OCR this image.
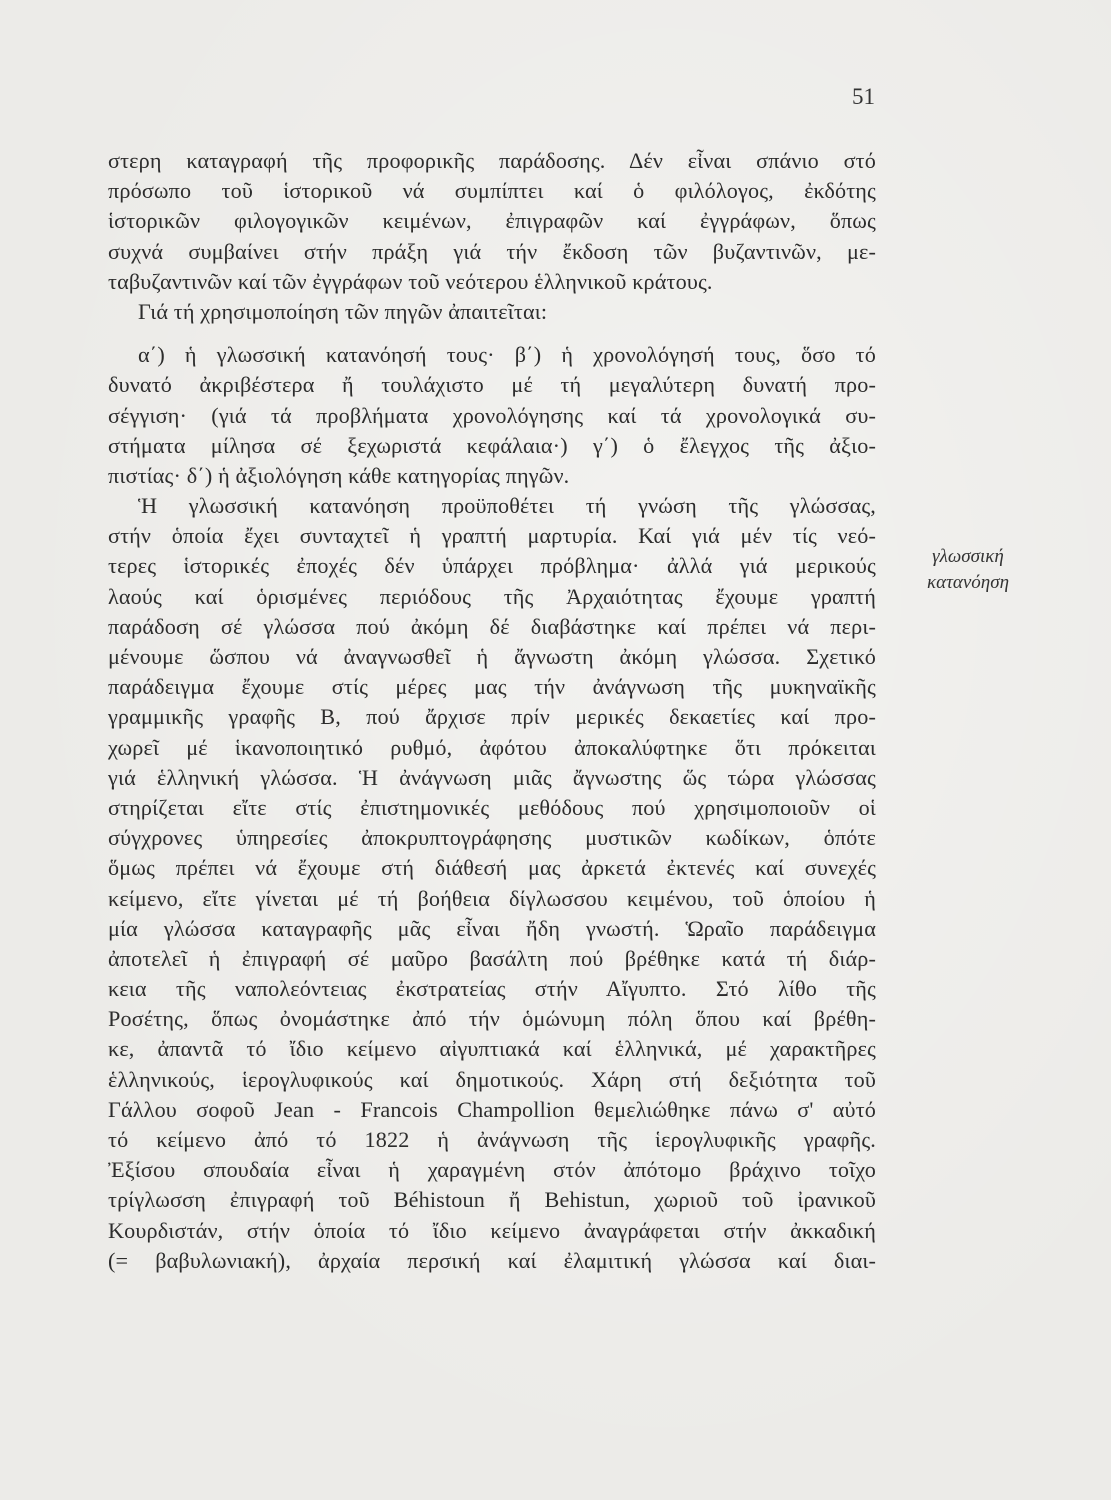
51
στερη καταγραφή τῆς προφορικῆς παράδοσης. Δέν εἶναι σπάνιο στό
πρόσωπο τοῦ ἱστορικοῦ νά συμπίπτει καί ὁ φιλόλογος, ἐκδότης
ἱστορικῶν φιλογογικῶν κειμένων, ἐπιγραφῶν καί ἐγγράφων, ὅπως
συχνά συμβαίνει στήν πράξη γιά τήν ἔκδοση τῶν βυζαντινῶν, με-
ταβυζαντινῶν καί τῶν ἐγγράφων τοῦ νεότερου ἑλληνικοῦ κράτους.
Γιά τή χρησιμοποίηση τῶν πηγῶν ἀπαιτεῖται:
α΄) ἡ γλωσσική κατανόησή τους· β΄) ἡ χρονολόγησή τους, ὅσο τό
δυνατό ἀκριβέστερα ἤ τουλάχιστο μέ τή μεγαλύτερη δυνατή προ-
σέγγιση· (γιά τά προβλήματα χρονολόγησης καί τά χρονολογικά συ-
στήματα μίλησα σέ ξεχωριστά κεφάλαια·) γ΄) ὁ ἔλεγχος τῆς ἀξιο-
πιστίας· δ΄) ἡ ἀξιολόγηση κάθε κατηγορίας πηγῶν.
Ἡ γλωσσική κατανόηση προϋποθέτει τή γνώση τῆς γλώσσας,
στήν ὁποία ἔχει συνταχτεῖ ἡ γραπτή μαρτυρία. Καί γιά μέν τίς νεό-
τερες ἱστορικές ἐποχές δέν ὑπάρχει πρόβλημα· ἀλλά γιά μερικούς
λαούς καί ὁρισμένες περιόδους τῆς Ἀρχαιότητας ἔχουμε γραπτή
παράδοση σέ γλώσσα πού ἀκόμη δέ διαβάστηκε καί πρέπει νά περι-
μένουμε ὥσπου νά ἀναγνωσθεῖ ἡ ἄγνωστη ἀκόμη γλώσσα. Σχετικό
παράδειγμα ἔχουμε στίς μέρες μας τήν ἀνάγνωση τῆς μυκηναϊκῆς
γραμμικῆς γραφῆς Β, πού ἄρχισε πρίν μερικές δεκαετίες καί προ-
χωρεῖ μέ ἱκανοποιητικό ρυθμό, ἀφότου ἀποκαλύφτηκε ὅτι πρόκειται
γιά ἑλληνική γλώσσα. Ἡ ἀνάγνωση μιᾶς ἄγνωστης ὥς τώρα γλώσσας
στηρίζεται εἴτε στίς ἐπιστημονικές μεθόδους πού χρησιμοποιοῦν οἱ
σύγχρονες ὑπηρεσίες ἀποκρυπτογράφησης μυστικῶν κωδίκων, ὁπότε
ὅμως πρέπει νά ἔχουμε στή διάθεσή μας ἀρκετά ἐκτενές καί συνεχές
κείμενο, εἴτε γίνεται μέ τή βοήθεια δίγλωσσου κειμένου, τοῦ ὁποίου ἡ
μία γλώσσα καταγραφῆς μᾶς εἶναι ἤδη γνωστή. Ὡραῖο παράδειγμα
ἀποτελεῖ ἡ ἐπιγραφή σέ μαῦρο βασάλτη πού βρέθηκε κατά τή διάρ-
κεια τῆς ναπολεόντειας ἐκστρατείας στήν Αἴγυπτο. Στό λίθο τῆς
Ροσέτης, ὅπως ὀνομάστηκε ἀπό τήν ὁμώνυμη πόλη ὅπου καί βρέθη-
κε, ἀπαντᾶ τό ἴδιο κείμενο αἰγυπτιακά καί ἑλληνικά, μέ χαρακτῆρες
ἑλληνικούς, ἱερογλυφικούς καί δημοτικούς. Χάρη στή δεξιότητα τοῦ
Γάλλου σοφοῦ Jean - Francois Champollion θεμελιώθηκε πάνω σ' αὐτό
τό κείμενο ἀπό τό 1822 ἡ ἀνάγνωση τῆς ἱερογλυφικῆς γραφῆς.
Ἐξίσου σπουδαία εἶναι ἡ χαραγμένη στόν ἀπότομο βράχινο τοῖχο
τρίγλωσση ἐπιγραφή τοῦ Béhistoun ἤ Behistun, χωριοῦ τοῦ ἰρανικοῦ
Κουρδιστάν, στήν ὁποία τό ἴδιο κείμενο ἀναγράφεται στήν ἀκκαδική
(= βαβυλωνιακή), ἀρχαία περσική καί ἐλαμιτική γλώσσα καί διαι-
γλωσσική
κατανόηση
